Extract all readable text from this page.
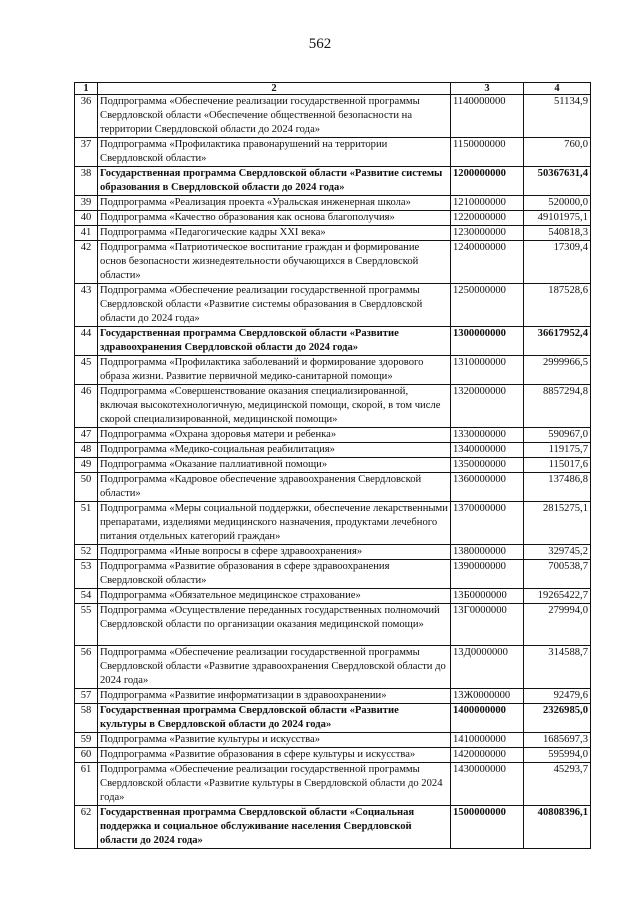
562
1	2	3	4
36	Подпрограмма «Обеспечение реализации государственной программы Свердловской области «Обеспечение общественной безопасности на территории Свердловской области до 2024 года»	1140000000	51134,9
37	Подпрограмма «Профилактика правонарушений на территории Свердловской области»	1150000000	760,0
38	Государственная программа Свердловской области «Развитие системы образования в Свердловской области до 2024 года»	1200000000	50367631,4
39	Подпрограмма «Реализация проекта «Уральская инженерная школа»	1210000000	520000,0
40	Подпрограмма «Качество образования как основа благополучия»	1220000000	49101975,1
41	Подпрограмма «Педагогические кадры XXI века»	1230000000	540818,3
42	Подпрограмма «Патриотическое воспитание граждан и формирование основ безопасности жизнедеятельности обучающихся в Свердловской области»	1240000000	17309,4
43	Подпрограмма «Обеспечение реализации государственной программы Свердловской области «Развитие системы образования в Свердловской области до 2024 года»	1250000000	187528,6
44	Государственная программа Свердловской области «Развитие здравоохранения Свердловской области до 2024 года»	1300000000	36617952,4
45	Подпрограмма «Профилактика заболеваний и формирование здорового образа жизни. Развитие первичной медико-санитарной помощи»	1310000000	2999966,5
46	Подпрограмма «Совершенствование оказания специализированной, включая высокотехнологичную, медицинской помощи, скорой, в том числе скорой специализированной, медицинской помощи»	1320000000	8857294,8
47	Подпрограмма «Охрана здоровья матери и ребенка»	1330000000	590967,0
48	Подпрограмма «Медико-социальная реабилитация»	1340000000	119175,7
49	Подпрограмма «Оказание паллиативной помощи»	1350000000	115017,6
50	Подпрограмма «Кадровое обеспечение здравоохранения Свердловской области»	1360000000	137486,8
51	Подпрограмма «Меры социальной поддержки, обеспечение лекарственными препаратами, изделиями медицинского назначения, продуктами лечебного питания отдельных категорий граждан»	1370000000	2815275,1
52	Подпрограмма «Иные вопросы в сфере здравоохранения»	1380000000	329745,2
53	Подпрограмма «Развитие образования в сфере здравоохранения Свердловской области»	1390000000	700538,7
54	Подпрограмма «Обязательное медицинское страхование»	13Б0000000	19265422,7
55	Подпрограмма «Осуществление переданных государственных полномочий Свердловской области по организации оказания медицинской помощи»	13Г0000000	279994,0
56	Подпрограмма «Обеспечение реализации государственной программы Свердловской области «Развитие здравоохранения Свердловской области до 2024 года»	13Д0000000	314588,7
57	Подпрограмма «Развитие информатизации в здравоохранении»	13Ж0000000	92479,6
58	Государственная программа Свердловской области «Развитие культуры в Свердловской области до 2024 года»	1400000000	2326985,0
59	Подпрограмма «Развитие культуры и искусства»	1410000000	1685697,3
60	Подпрограмма «Развитие образования в сфере культуры и искусства»	1420000000	595994,0
61	Подпрограмма «Обеспечение реализации государственной программы Свердловской области «Развитие культуры в Свердловской области до 2024 года»	1430000000	45293,7
62	Государственная программа Свердловской области «Социальная поддержка и социальное обслуживание населения Свердловской области до 2024 года»	1500000000	40808396,1
